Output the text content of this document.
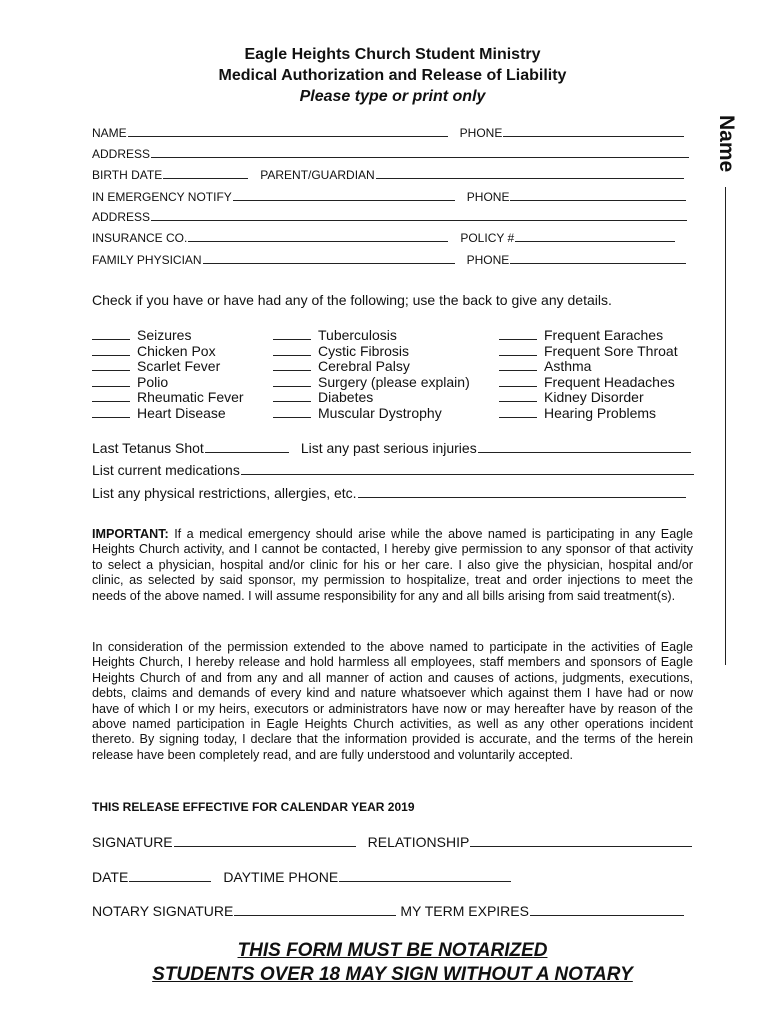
Eagle Heights Church Student Ministry
Medical Authorization and Release of Liability
Please type or print only
Name
NAME	PHONE
ADDRESS
BIRTH DATE	PARENT/GUARDIAN
IN EMERGENCY NOTIFY	PHONE
ADDRESS
INSURANCE CO.	POLICY #
FAMILY PHYSICIAN	PHONE
Check if you have or have had any of the following; use the back to give any details.
Seizures
Chicken Pox
Scarlet Fever
Polio
Rheumatic Fever
Heart Disease
Tuberculosis
Cystic Fibrosis
Cerebral Palsy
Surgery (please explain)
Diabetes
Muscular Dystrophy
Frequent Earaches
Frequent Sore Throat
Asthma
Frequent Headaches
Kidney Disorder
Hearing Problems
Last Tetanus Shot	List any past serious injuries
List current medications
List any physical restrictions, allergies, etc.
IMPORTANT: If a medical emergency should arise while the above named is participating in any Eagle Heights Church activity, and I cannot be contacted, I hereby give permission to any sponsor of that activity to select a physician, hospital and/or clinic for his or her care. I also give the physician, hospital and/or clinic, as selected by said sponsor, my permission to hospitalize, treat and order injections to meet the needs of the above named. I will assume responsibility for any and all bills arising from said treatment(s).
In consideration of the permission extended to the above named to participate in the activities of Eagle Heights Church, I hereby release and hold harmless all employees, staff members and sponsors of Eagle Heights Church of and from any and all manner of action and causes of actions, judgments, executions, debts, claims and demands of every kind and nature whatsoever which against them I have had or now have of which I or my heirs, executors or administrators have now or may hereafter have by reason of the above named participation in Eagle Heights Church activities, as well as any other operations incident thereto. By signing today, I declare that the information provided is accurate, and the terms of the herein release have been completely read, and are fully understood and voluntarily accepted.
THIS RELEASE EFFECTIVE FOR CALENDAR YEAR 2019
SIGNATURE	RELATIONSHIP
DATE	DAYTIME PHONE
NOTARY SIGNATURE	MY TERM EXPIRES
THIS FORM MUST BE NOTARIZED
STUDENTS OVER 18 MAY SIGN WITHOUT A NOTARY
